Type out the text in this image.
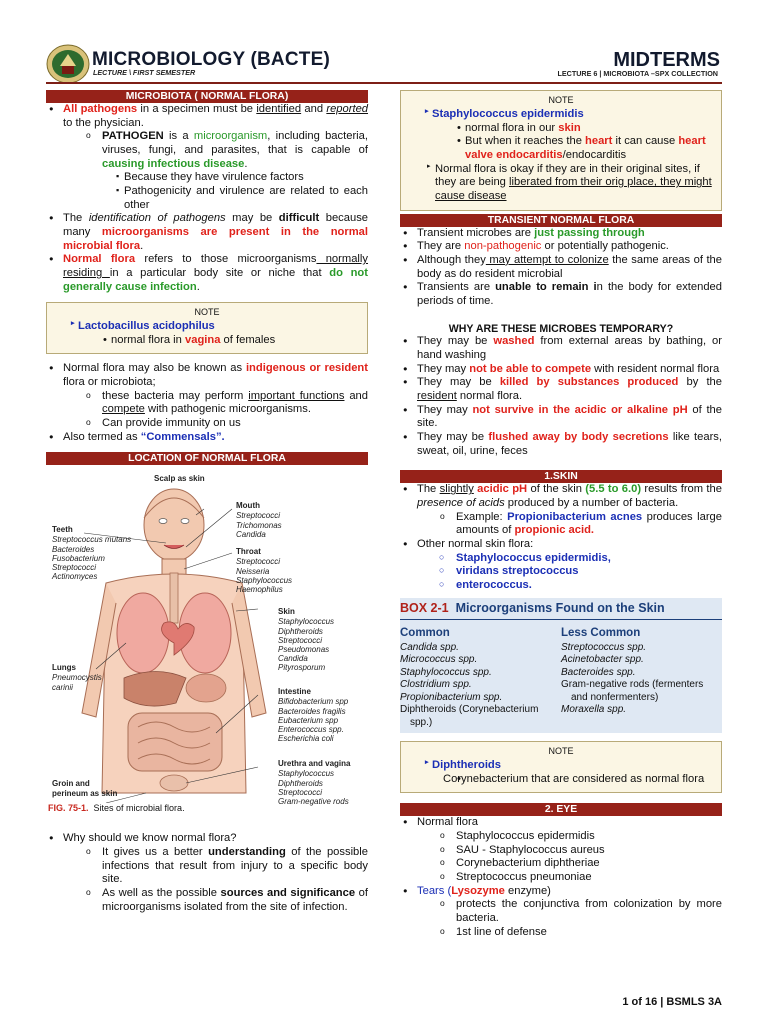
MICROBIOLOGY (BACTE)
LECTURE \ FIRST SEMESTER
MIDTERMS
LECTURE 6 | MICROBIOTA –SPX COLLECTION
MICROBIOTA ( NORMAL FLORA)
● All pathogens in a specimen must be identified and reported to the physician.
o PATHOGEN is a microorganism, including bacteria, viruses, fungi, and parasites, that is capable of causing infectious disease.
▪ Because they have virulence factors
▪ Pathogenicity and virulence are related to each other
● The identification of pathogens may be difficult because many microorganisms are present in the normal microbial flora.
● Normal flora refers to those microorganisms normally residing in a particular body site or niche that do not generally cause infection.
NOTE
▸ Lactobacillus acidophilus
• normal flora in vagina of females
● Normal flora may also be known as indigenous or resident flora or microbiota;
o these bacteria may perform important functions and compete with pathogenic microorganisms.
o Can provide immunity on us
● Also termed as “Commensals”.
LOCATION OF NORMAL FLORA
Scalp as skin
Mouth
Streptococci
Trichomonas
Candida
Teeth
Streptococcus mutans
Bacteroides
Fusobacterium
Streptococci
Actinomyces
Throat
Streptococci
Neisseria
Staphylococcus
Haemophilus
Skin
Staphylococcus
Diphtheroids
Streptococci
Pseudomonas
Candida
Pityrosporum
Lungs
Pneumocystis
carinii
Intestine
Bifidobacterium spp
Bacteroides fragilis
Eubacterium spp
Enterococcus spp.
Escherichia coli
Urethra and vagina
Staphylococcus
Diphtheroids
Streptococci
Gram-negative rods
Groin and
perineum as skin
FIG. 75-1. Sites of microbial flora.
● Why should we know normal flora?
o It gives us a better understanding of the possible infections that result from injury to a specific body site.
o As well as the possible sources and significance of microorganisms isolated from the site of infection.
NOTE
▸ Staphylococcus epidermidis
• normal flora in our skin
• But when it reaches the heart it can cause heart valve endocarditis/endocarditis
▸ Normal flora is okay if they are in their original sites, if they are being liberated from their orig place, they might cause disease
TRANSIENT NORMAL FLORA
● Transient microbes are just passing through
● They are non-pathogenic or potentially pathogenic.
● Although they may attempt to colonize the same areas of the body as do resident microbial
● Transients are unable to remain in the body for extended periods of time.
WHY ARE THESE MICROBES TEMPORARY?
● They may be washed from external areas by bathing, or hand washing
● They may not be able to compete with resident normal flora
● They may be killed by substances produced by the resident normal flora.
● They may not survive in the acidic or alkaline pH of the site.
● They may be flushed away by body secretions like tears, sweat, oil, urine, feces
1.SKIN
● The slightly acidic pH of the skin (5.5 to 6.0) results from the presence of acids produced by a number of bacteria.
o Example: Propionibacterium acnes produces large amounts of propionic acid.
● Other normal skin flora:
○ Staphylococcus epidermidis,
○ viridans streptococcus
○ enterococcus.
BOX 2-1 Microorganisms Found on the Skin
Common
Candida spp.
Micrococcus spp.
Staphylococcus spp.
Clostridium spp.
Propionibacterium spp.
Diphtheroids (Corynebacterium
spp.)
Less Common
Streptococcus spp.
Acinetobacter spp.
Bacteroides spp.
Gram-negative rods (fermenters
and nonfermenters)
Moraxella spp.
NOTE
▸ Diphtheroids
• Corynebacterium that are considered as normal flora
2. EYE
● Normal flora
o Staphylococcus epidermidis
o SAU - Staphylococcus aureus
o Corynebacterium diphtheriae
o Streptococcus pneumoniae
● Tears (Lysozyme enzyme)
o protects the conjunctiva from colonization by more bacteria.
o 1st line of defense
1 of 16 | BSMLS 3A
